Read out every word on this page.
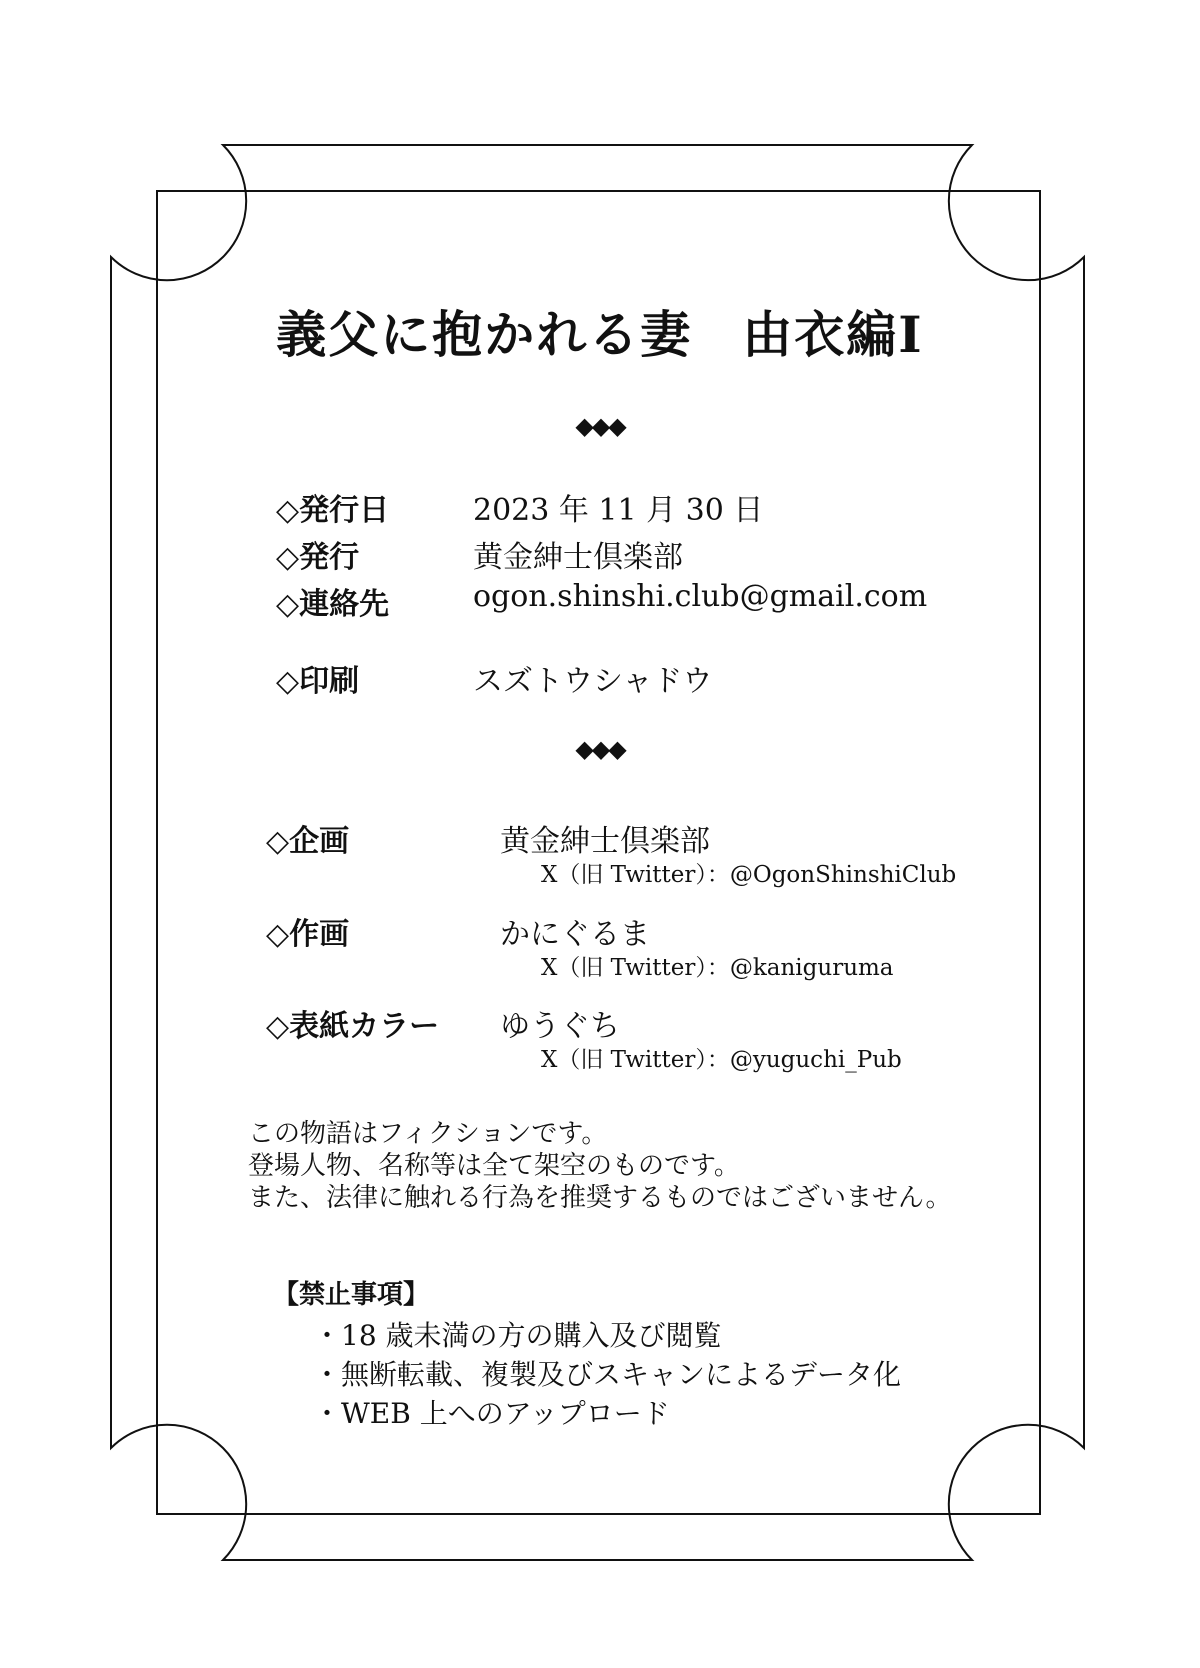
義父に抱かれる妻 由衣編Ⅰ
◆◆◆
◆◆◆
◇発行日	2023 年 11 月 30 日
◇発行	黄金紳士倶楽部
◇連絡先	ogon.shinshi.club@gmail.com
◇印刷	スズトウシャドウ
◇企画	黄金紳士倶楽部
X（旧 Twitter）：@OgonShinshiClub
◇作画	かにぐるま
X（旧 Twitter）：@kaniguruma
◇表紙カラー ゆうぐち
X（旧 Twitter）：@yuguchi_Pub
この物語はフィクションです。
登場人物、名称等は全て架空のものです。
また、法律に触れる行為を推奨するものではございません。
【禁止事項】
・18 歳未満の方の購入及び閲覧
・無断転載、複製及びスキャンによるデータ化
・WEB 上へのアップロード
